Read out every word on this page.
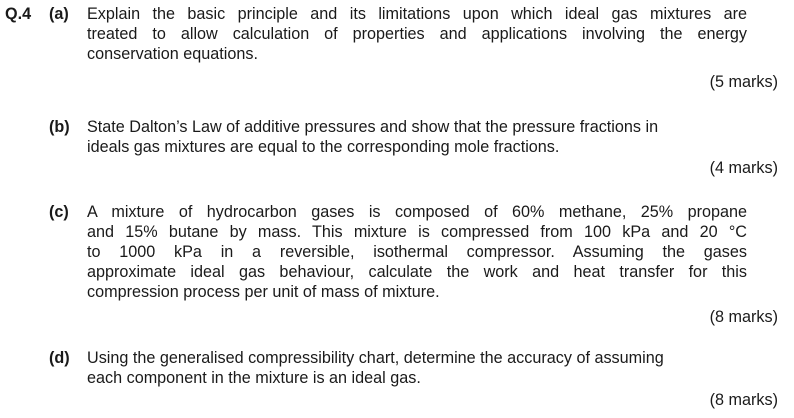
Q.4 (a) Explain the basic principle and its limitations upon which ideal gas mixtures are
treated to allow calculation of properties and applications involving the energy
conservation equations.
(5 marks)
(b) State Dalton’s Law of additive pressures and show that the pressure fractions in
ideals gas mixtures are equal to the corresponding mole fractions.
(4 marks)
(c) A mixture of hydrocarbon gases is composed of 60% methane, 25% propane
and 15% butane by mass. This mixture is compressed from 100 kPa and 20 °C
to 1000 kPa in a reversible, isothermal compressor. Assuming the gases
approximate ideal gas behaviour, calculate the work and heat transfer for this
compression process per unit of mass of mixture.
(8 marks)
(d) Using the generalised compressibility chart, determine the accuracy of assuming
each component in the mixture is an ideal gas.
(8 marks)
